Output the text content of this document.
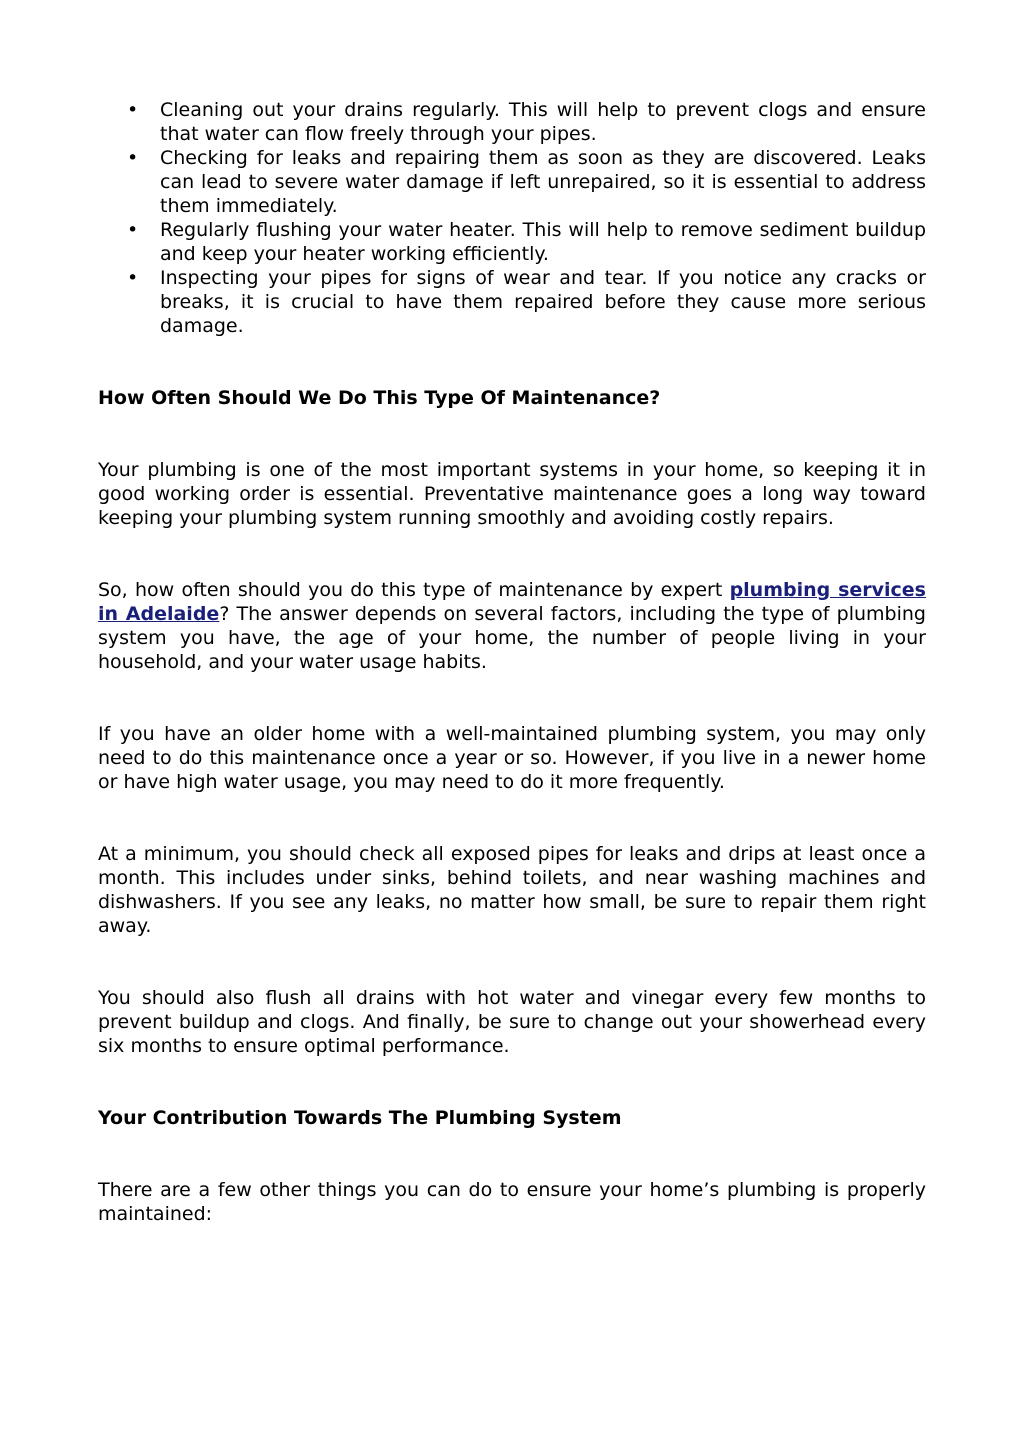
• Cleaning out your drains regularly. This will help to prevent clogs and ensure that water can flow freely through your pipes.
• Checking for leaks and repairing them as soon as they are discovered. Leaks can lead to severe water damage if left unrepaired, so it is essential to address them immediately.
• Regularly flushing your water heater. This will help to remove sediment buildup and keep your heater working efficiently.
• Inspecting your pipes for signs of wear and tear. If you notice any cracks or breaks, it is crucial to have them repaired before they cause more serious damage.
How Often Should We Do This Type Of Maintenance?

Your plumbing is one of the most important systems in your home, so keeping it in good working order is essential. Preventative maintenance goes a long way toward keeping your plumbing system running smoothly and avoiding costly repairs.

So, how often should you do this type of maintenance by expert plumbing services in Adelaide? The answer depends on several factors, including the type of plumbing system you have, the age of your home, the number of people living in your household, and your water usage habits.

If you have an older home with a well-maintained plumbing system, you may only need to do this maintenance once a year or so. However, if you live in a newer home or have high water usage, you may need to do it more frequently.

At a minimum, you should check all exposed pipes for leaks and drips at least once a month. This includes under sinks, behind toilets, and near washing machines and dishwashers. If you see any leaks, no matter how small, be sure to repair them right away.

You should also flush all drains with hot water and vinegar every few months to prevent buildup and clogs. And finally, be sure to change out your showerhead every six months to ensure optimal performance.

Your Contribution Towards The Plumbing System

There are a few other things you can do to ensure your home’s plumbing is properly maintained:
